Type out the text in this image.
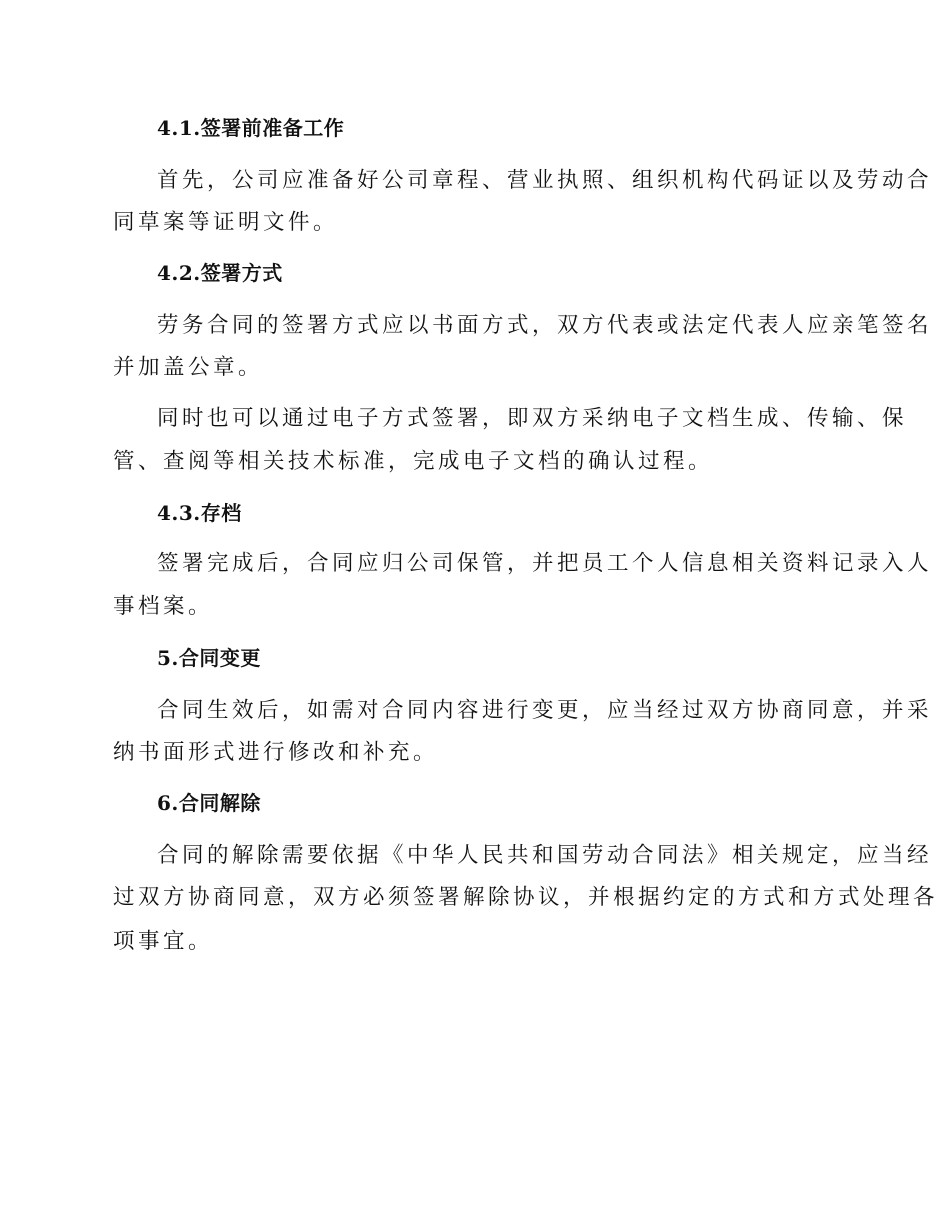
4.1.签署前准备工作

首先，公司应准备好公司章程、营业执照、组织机构代码证以及劳动合

同草案等证明文件。

4.2.签署方式

劳务合同的签署方式应以书面方式，双方代表或法定代表人应亲笔签名

并加盖公章。

同时也可以通过电子方式签署，即双方采纳电子文档生成、传输、保

管、查阅等相关技术标准，完成电子文档的确认过程。

4.3.存档

签署完成后，合同应归公司保管，并把员工个人信息相关资料记录入人

事档案。

5.合同变更

合同生效后，如需对合同内容进行变更，应当经过双方协商同意，并采

纳书面形式进行修改和补充。

6.合同解除

合同的解除需要依据《中华人民共和国劳动合同法》相关规定，应当经

过双方协商同意，双方必须签署解除协议，并根据约定的方式和方式处理各

项事宜。
